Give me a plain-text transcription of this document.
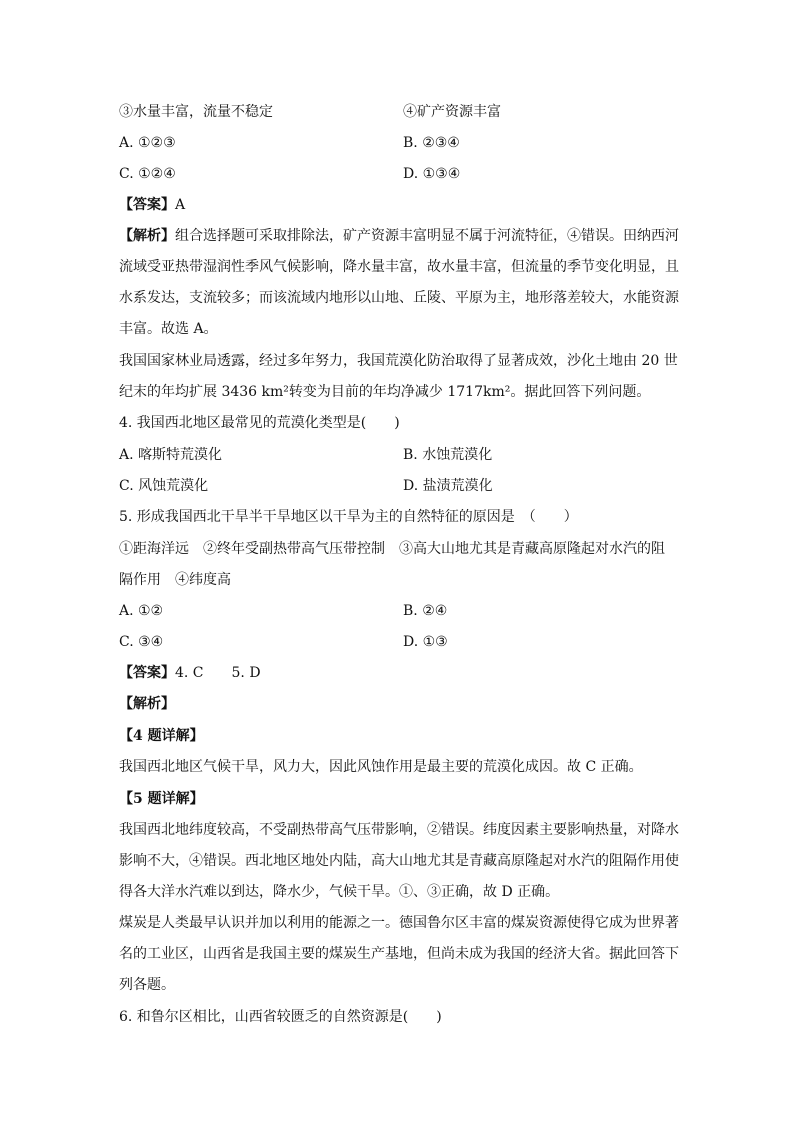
③水量丰富，流量不稳定	④矿产资源丰富
A. ①②③	B. ②③④
C. ①②④	D. ①③④
【答案】A
【解析】组合选择题可采取排除法，矿产资源丰富明显不属于河流特征，④错误。田纳西河
流域受亚热带湿润性季风气候影响，降水量丰富，故水量丰富，但流量的季节变化明显，且
水系发达，支流较多；而该流域内地形以山地、丘陵、平原为主，地形落差较大，水能资源
丰富。故选 A。
我国国家林业局透露，经过多年努力，我国荒漠化防治取得了显著成效，沙化土地由 20 世
纪末的年均扩展 3436 km²转变为目前的年均净减少 1717km²。据此回答下列问题。
4. 我国西北地区最常见的荒漠化类型是(　　)
A. 喀斯特荒漠化	B. 水蚀荒漠化
C. 风蚀荒漠化	D. 盐渍荒漠化
5. 形成我国西北干旱半干旱地区以干旱为主的自然特征的原因是　（　　）
①距海洋远　②终年受副热带高气压带控制　③高大山地尤其是青藏高原隆起对水汽的阻
隔作用　④纬度高
A. ①②	B. ②④
C. ③④	D. ①③
【答案】4. C　　5. D
【解析】
【4 题详解】
我国西北地区气候干旱，风力大，因此风蚀作用是最主要的荒漠化成因。故 C 正确。
【5 题详解】
我国西北地纬度较高，不受副热带高气压带影响，②错误。纬度因素主要影响热量，对降水
影响不大，④错误。西北地区地处内陆，高大山地尤其是青藏高原隆起对水汽的阻隔作用使
得各大洋水汽难以到达，降水少，气候干旱。①、③正确，故 D 正确。
煤炭是人类最早认识并加以利用的能源之一。德国鲁尔区丰富的煤炭资源使得它成为世界著
名的工业区，山西省是我国主要的煤炭生产基地，但尚未成为我国的经济大省。据此回答下
列各题。
6. 和鲁尔区相比，山西省较匮乏的自然资源是(　　)
